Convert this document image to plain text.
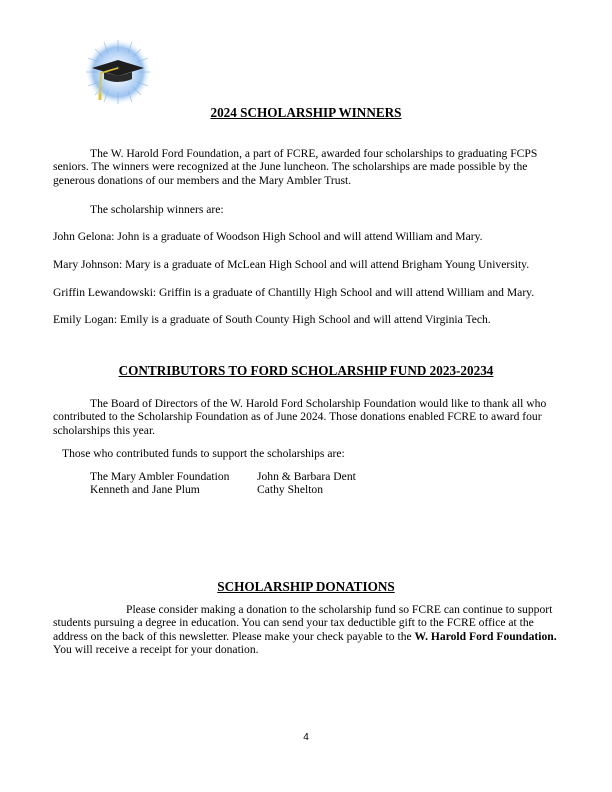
2024 SCHOLARSHIP WINNERS
The W. Harold Ford Foundation, a part of FCRE, awarded four scholarships to graduating FCPS seniors. The winners were recognized at the June luncheon. The scholarships are made possible by the generous donations of our members and the Mary Ambler Trust.
The scholarship winners are:
John Gelona: John is a graduate of Woodson High School and will attend William and Mary.
Mary Johnson: Mary is a graduate of McLean High School and will attend Brigham Young University.
Griffin Lewandowski: Griffin is a graduate of Chantilly High School and will attend William and Mary.
Emily Logan: Emily is a graduate of South County High School and will attend Virginia Tech.
CONTRIBUTORS TO FORD SCHOLARSHIP FUND 2023-20234
The Board of Directors of the W. Harold Ford Scholarship Foundation would like to thank all who contributed to the Scholarship Foundation as of June 2024. Those donations enabled FCRE to award four scholarships this year.
Those who contributed funds to support the scholarships are:
The Mary Ambler Foundation	John & Barbara Dent
Kenneth and Jane Plum	Cathy Shelton
SCHOLARSHIP DONATIONS
Please consider making a donation to the scholarship fund so FCRE can continue to support students pursuing a degree in education. You can send your tax deductible gift to the FCRE office at the address on the back of this newsletter. Please make your check payable to the W. Harold Ford Foundation. You will receive a receipt for your donation.
4
